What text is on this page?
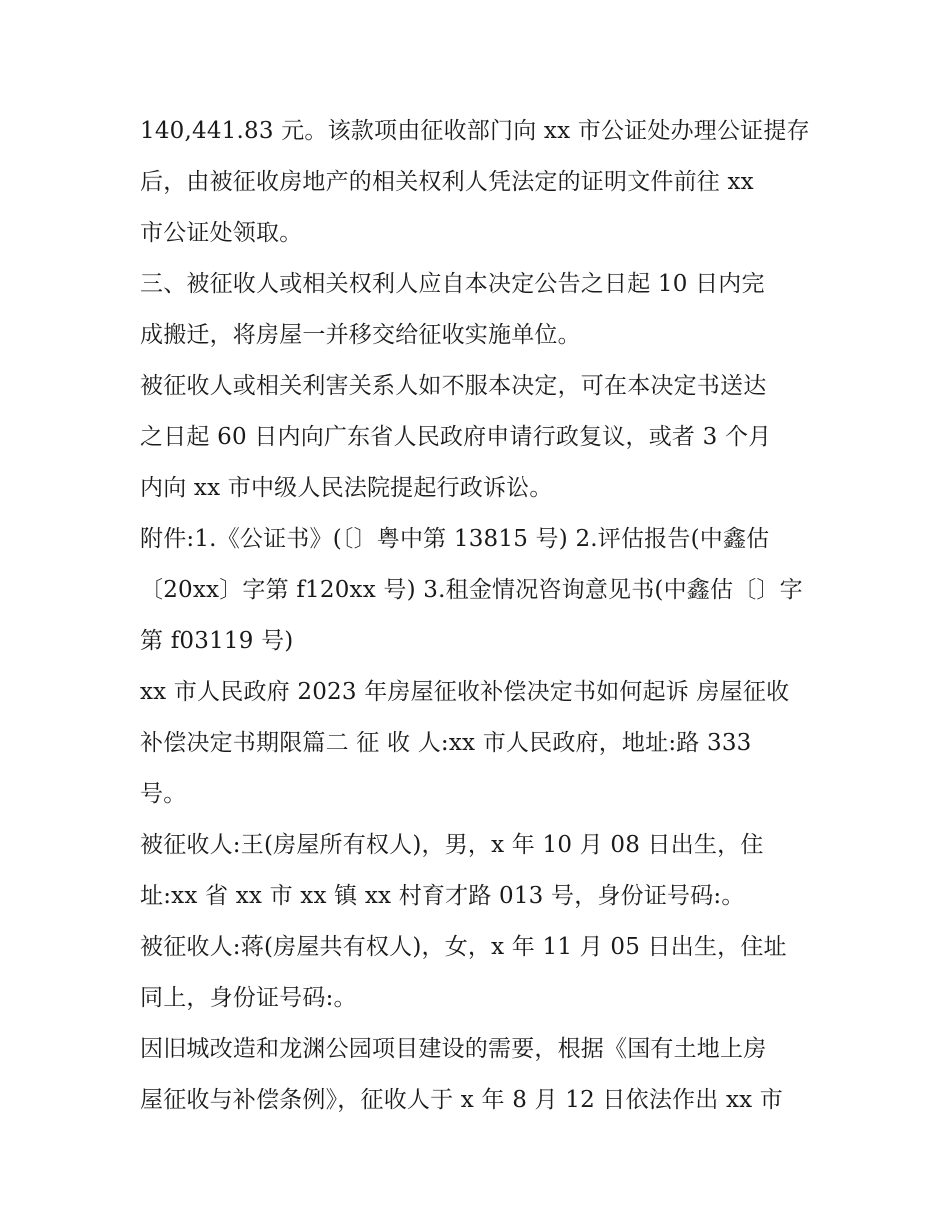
140,441.83 元。该款项由征收部门向 xx 市公证处办理公证提存
后，由被征收房地产的相关权利人凭法定的证明文件前往 xx
市公证处领取。
三、被征收人或相关权利人应自本决定公告之日起 10 日内完
成搬迁，将房屋一并移交给征收实施单位。
被征收人或相关利害关系人如不服本决定，可在本决定书送达
之日起 60 日内向广东省人民政府申请行政复议，或者 3 个月
内向 xx 市中级人民法院提起行政诉讼。
附件:1.《公证书》(〔〕粤中第 13815 号) 2.评估报告(中鑫估
〔20xx〕字第 f120xx 号) 3.租金情况咨询意见书(中鑫估〔〕字
第 f03119 号)
xx 市人民政府 2023 年房屋征收补偿决定书如何起诉 房屋征收
补偿决定书期限篇二 征 收 人:xx 市人民政府，地址:路 333
号。
被征收人:王(房屋所有权人)，男，x 年 10 月 08 日出生，住
址:xx 省 xx 市 xx 镇 xx 村育才路 013 号，身份证号码:。
被征收人:蒋(房屋共有权人)，女，x 年 11 月 05 日出生，住址
同上，身份证号码:。
因旧城改造和龙渊公园项目建设的需要，根据《国有土地上房
屋征收与补偿条例》，征收人于 x 年 8 月 12 日依法作出 xx 市
